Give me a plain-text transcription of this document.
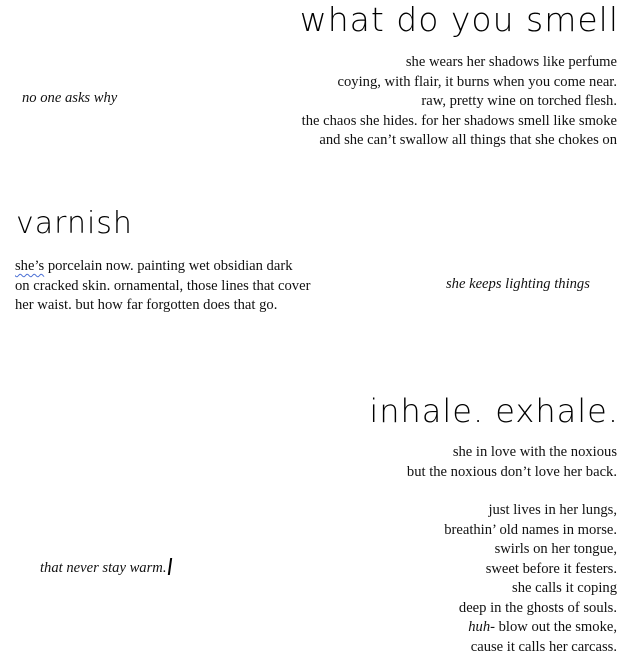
what do you smell
she wears her shadows like perfume
coying, with flair, it burns when you come near.
raw, pretty wine on torched flesh.
the chaos she hides. for her shadows smell like smoke
and she can’t swallow all things that she chokes on
no one asks why
varnish
she’s porcelain now. painting wet obsidian dark
on cracked skin. ornamental, those lines that cover
her waist. but how far forgotten does that go.
she keeps lighting things
inhale. exhale.
she in love with the noxious
but the noxious don’t love her back.
just lives in her lungs,
breathin’ old names in morse.
swirls on her tongue,
sweet before it festers.
she calls it coping
deep in the ghosts of souls.
huh- blow out the smoke,
cause it calls her carcass.
that never stay warm.
